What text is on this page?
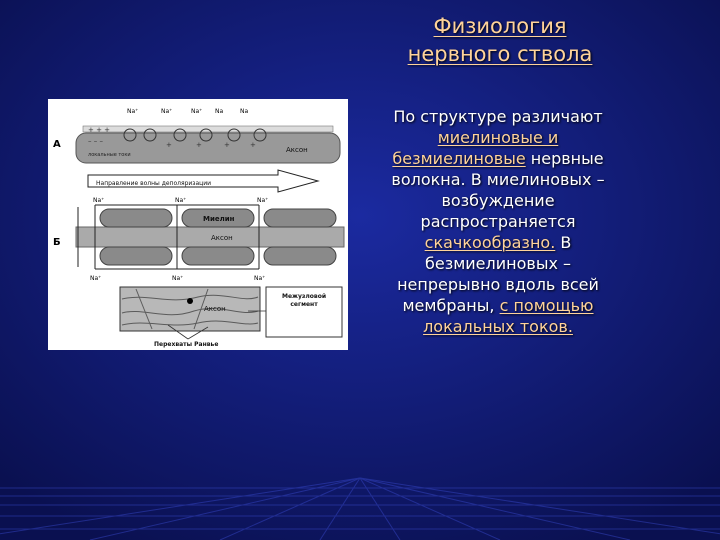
Физиология
нервного ствола
По структуре различают миелиновые и безмиелиновые нервные волокна. В миелиновых – возбуждение распространяется скачкообразно. В безмиелиновых – непрерывно вдоль всей мембраны, с помощью локальных токов.
А
Na⁺	Na⁺	Na⁺ Na	Na
+ + +
– – –	+	+	+	+
локальные токи
Аксон
Направление волны деполяризации
Б
Na⁺	Na⁺	Na⁺
Миелин
Аксон
Na⁺	Na⁺	Na⁺
Аксон
Межузловой
сегмент
Перехваты Ранвье
